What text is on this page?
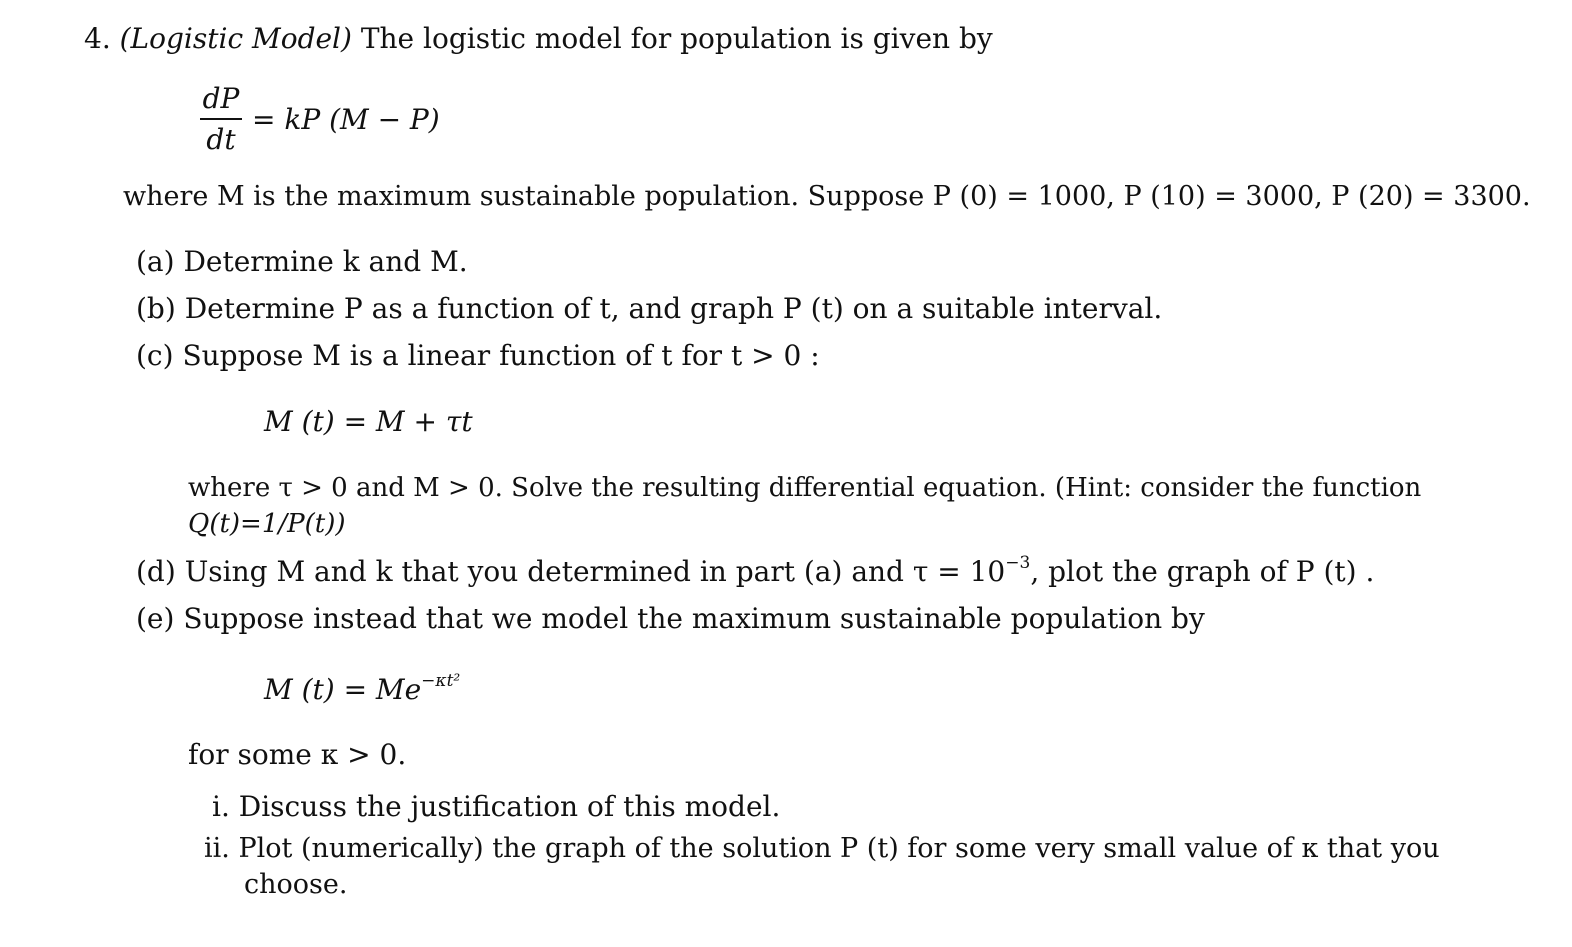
4. (Logistic Model) The logistic model for population is given by
dP
dt
= kP (M − P)
where M is the maximum sustainable population. Suppose P (0) = 1000, P (10) = 3000, P (20) = 3300.
(a) Determine k and M.
(b) Determine P as a function of t, and graph P (t) on a suitable interval.
(c) Suppose M is a linear function of t for t > 0 :
M (t) = M + τt
where τ > 0 and M > 0. Solve the resulting differential equation. (Hint: consider the function
Q(t)=1/P(t))
(d) Using M and k that you determined in part (a) and $\tau = 10^{-3}$, plot the graph of P (t) .
(e) Suppose instead that we model the maximum sustainable population by
M $(t) = Me^{-\kappa t^2}$
for some κ > 0.
i. Discuss the justification of this model.
ii. Plot (numerically) the graph of the solution P (t) for some very small value of κ that you
choose.
